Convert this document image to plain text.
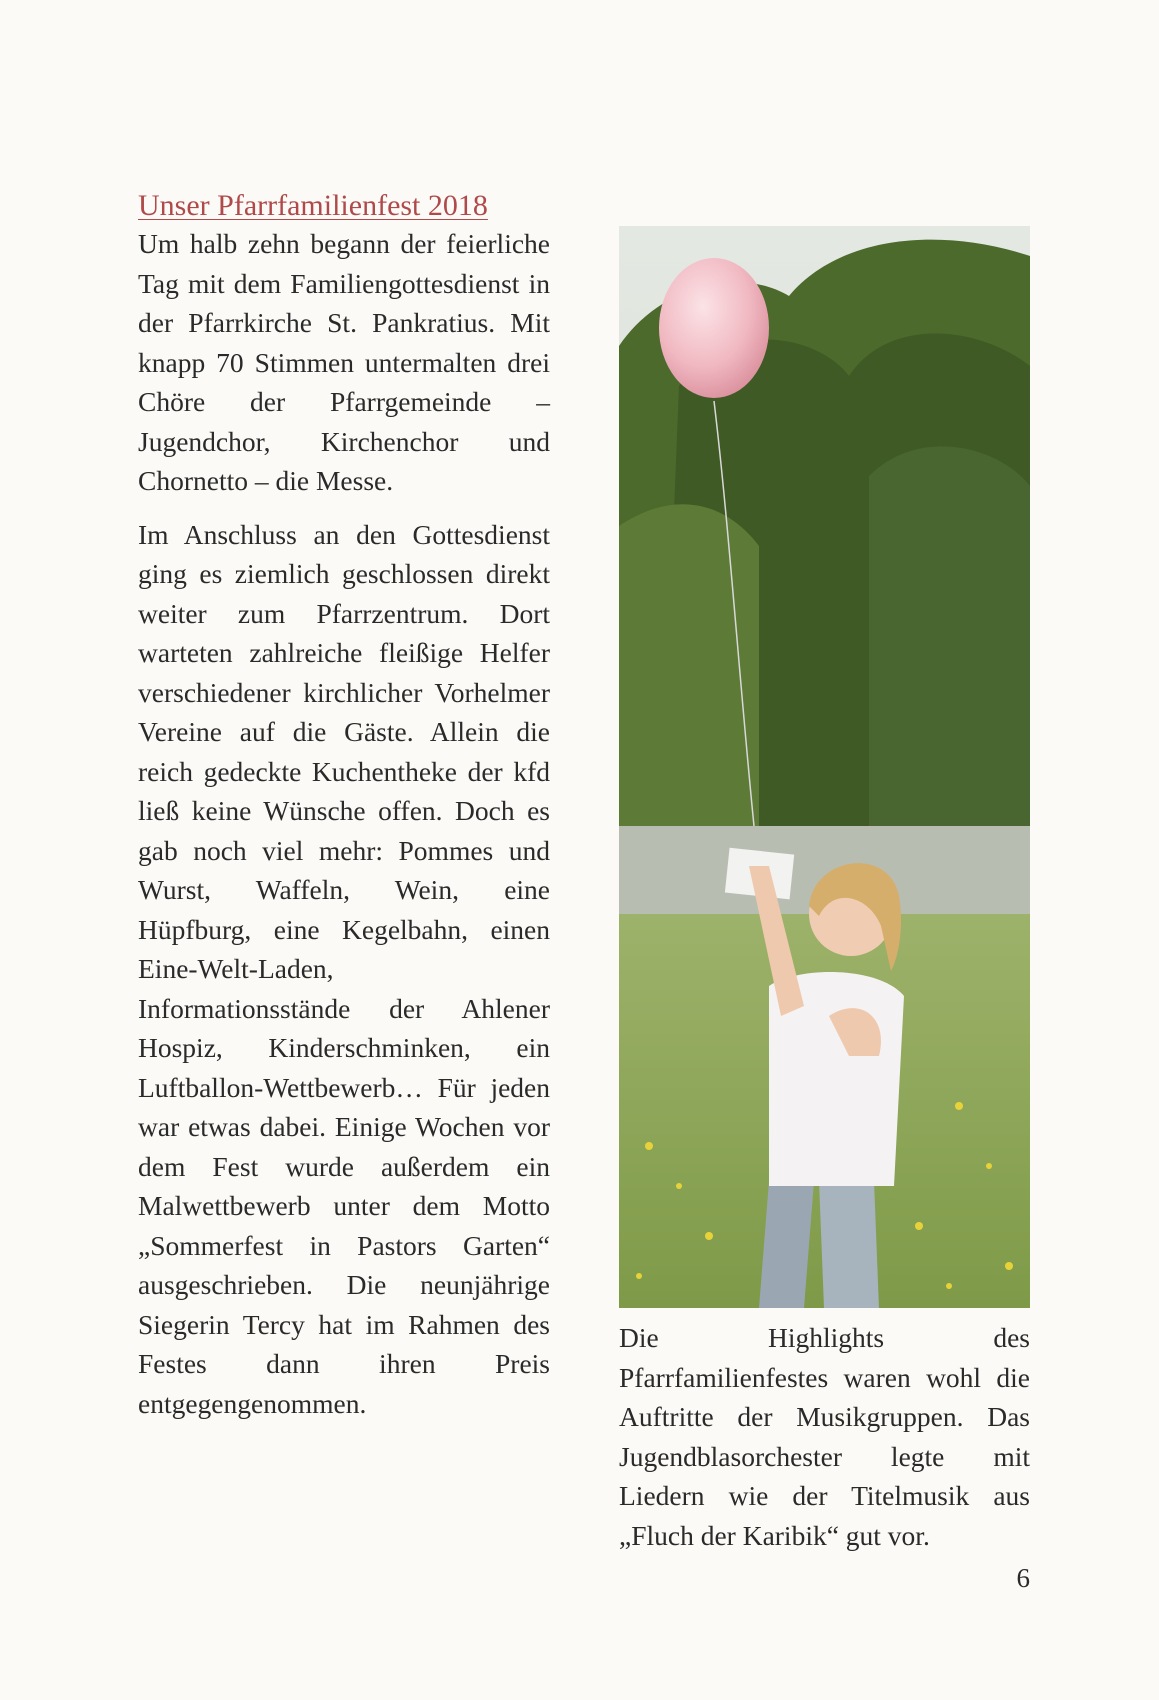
Unser Pfarrfamilienfest 2018

Um halb zehn begann der feierliche Tag mit dem Familiengottesdienst in der Pfarrkirche St. Pankratius. Mit knapp 70 Stimmen untermalten drei Chöre der Pfarrgemeinde – Jugendchor, Kirchenchor und Chornetto – die Messe.

Im Anschluss an den Gottesdienst ging es ziemlich geschlossen direkt weiter zum Pfarrzentrum. Dort warteten zahlreiche fleißige Helfer verschiedener kirchlicher Vorhelmer Vereine auf die Gäste. Allein die reich gedeckte Kuchentheke der kfd ließ keine Wünsche offen. Doch es gab noch viel mehr: Pommes und Wurst, Waffeln, Wein, eine Hüpfburg, eine Kegelbahn, einen Eine-Welt-Laden, Informationsstände der Ahlener Hospiz, Kinderschminken, ein Luftballon-Wettbewerb… Für jeden war etwas dabei. Einige Wochen vor dem Fest wurde außerdem ein Malwettbewerb unter dem Motto „Sommerfest in Pastors Garten“ ausgeschrieben. Die neunjährige Siegerin Tercy hat im Rahmen des Festes dann ihren Preis entgegengenommen.

Die Highlights des Pfarrfamilienfestes waren wohl die Auftritte der Musikgruppen. Das Jugendblasorchester legte mit Liedern wie der Titelmusik aus „Fluch der Karibik“ gut vor.

6
